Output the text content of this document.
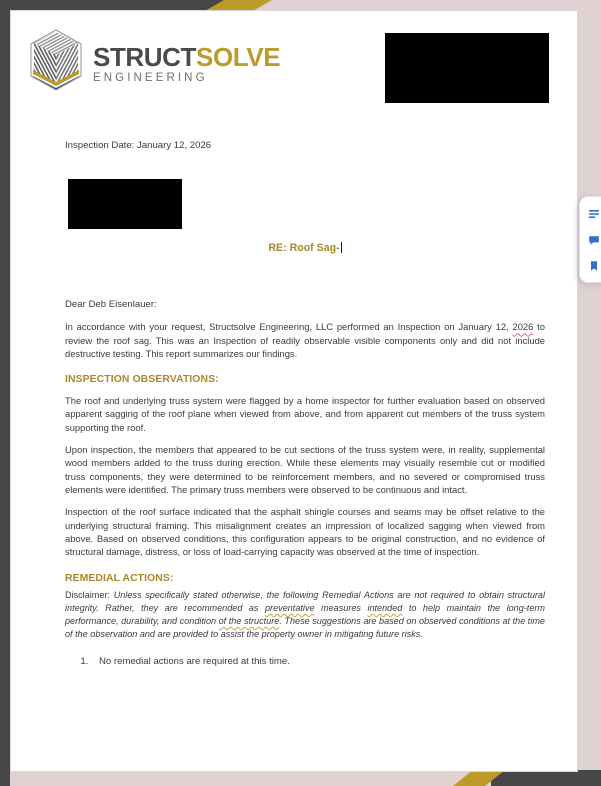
STRUCTSOLVE
ENGINEERING
Inspection Date: January 12, 2026
RE: Roof Sag-
Dear Deb Eisenlauer:

In accordance with your request, Structsolve Engineering, LLC performed an Inspection on January 12, 2026 to review the roof sag. This was an Inspection of readily observable visible components only and did not include destructive testing. This report summarizes our findings.

INSPECTION OBSERVATIONS:

The roof and underlying truss system were flagged by a home inspector for further evaluation based on observed apparent sagging of the roof plane when viewed from above, and from apparent cut members of the truss system supporting the roof.

Upon inspection, the members that appeared to be cut sections of the truss system were, in reality, supplemental wood members added to the truss during erection. While these elements may visually resemble cut or modified truss components, they were determined to be reinforcement members, and no severed or compromised truss elements were identified. The primary truss members were observed to be continuous and intact.

Inspection of the roof surface indicated that the asphalt shingle courses and seams may be offset relative to the underlying structural framing. This misalignment creates an impression of localized sagging when viewed from above. Based on observed conditions, this configuration appears to be original construction, and no evidence of structural damage, distress, or loss of load-carrying capacity was observed at the time of inspection.

REMEDIAL ACTIONS:

Disclaimer: Unless specifically stated otherwise, the following Remedial Actions are not required to obtain structural integrity. Rather, they are recommended as preventative measures intended to help maintain the long-term performance, durability, and condition of the structure. These suggestions are based on observed conditions at the time of the observation and are provided to assist the property owner in mitigating future risks.

1. No remedial actions are required at this time.
